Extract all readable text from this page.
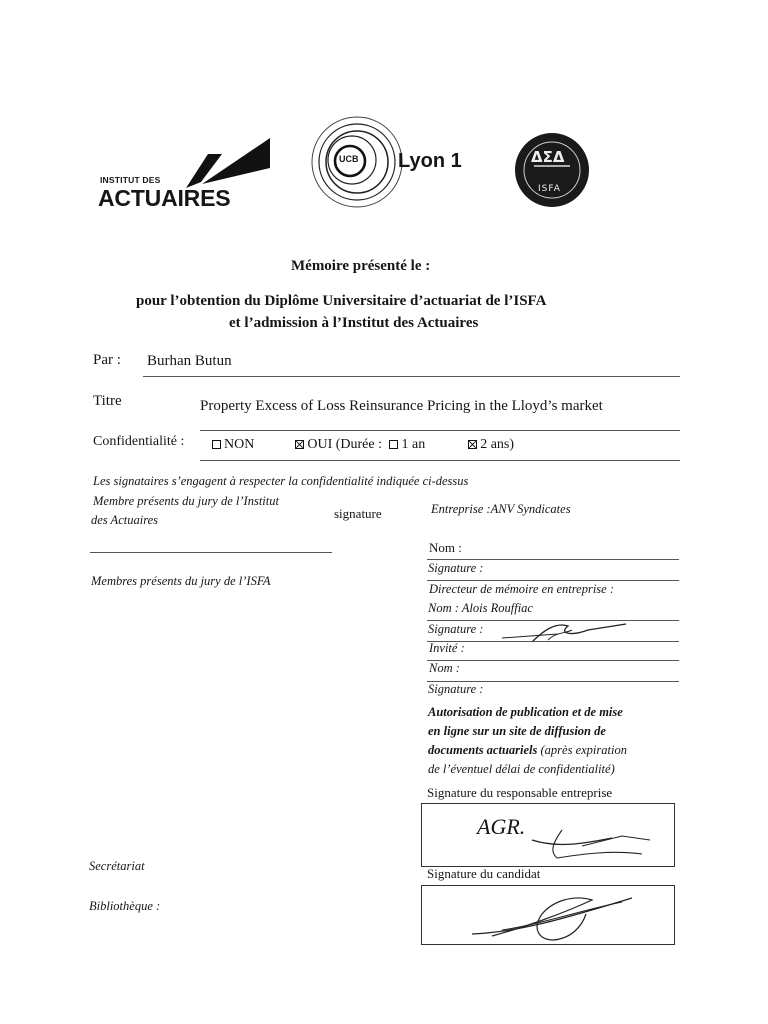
INSTITUT DES
ACTUAIRES
UCB Lyon 1	ΔΣΔ
ISFA
Mémoire présenté le :
pour l’obtention du Diplôme Universitaire d’actuariat de l’ISFA
et l’admission à l’Institut des Actuaires
Par : Burhan Butun
Titre	Property Excess of Loss Reinsurance Pricing in the Lloyd’s market
Confidentialité :	NON	OUI (Durée : 1 an	2 ans)
Les signataires s’engagent à respecter la confidentialité indiquée ci-dessus
Membre présents du jury de l’Institut
des Actuaires	signature	Entreprise :ANV Syndicates
Nom :
Signature :
Membres présents du jury de l’ISFA
Directeur de mémoire en entreprise :
Nom : Alois Rouffiac
Signature :
Invité :
Nom :
Signature :
Autorisation de publication et de mise
en ligne sur un site de diffusion de
documents actuariels (après expiration
de l’éventuel délai de confidentialité)
Signature du responsable entreprise
AGR.
Signature du candidat
Secrétariat
Bibliothèque :
